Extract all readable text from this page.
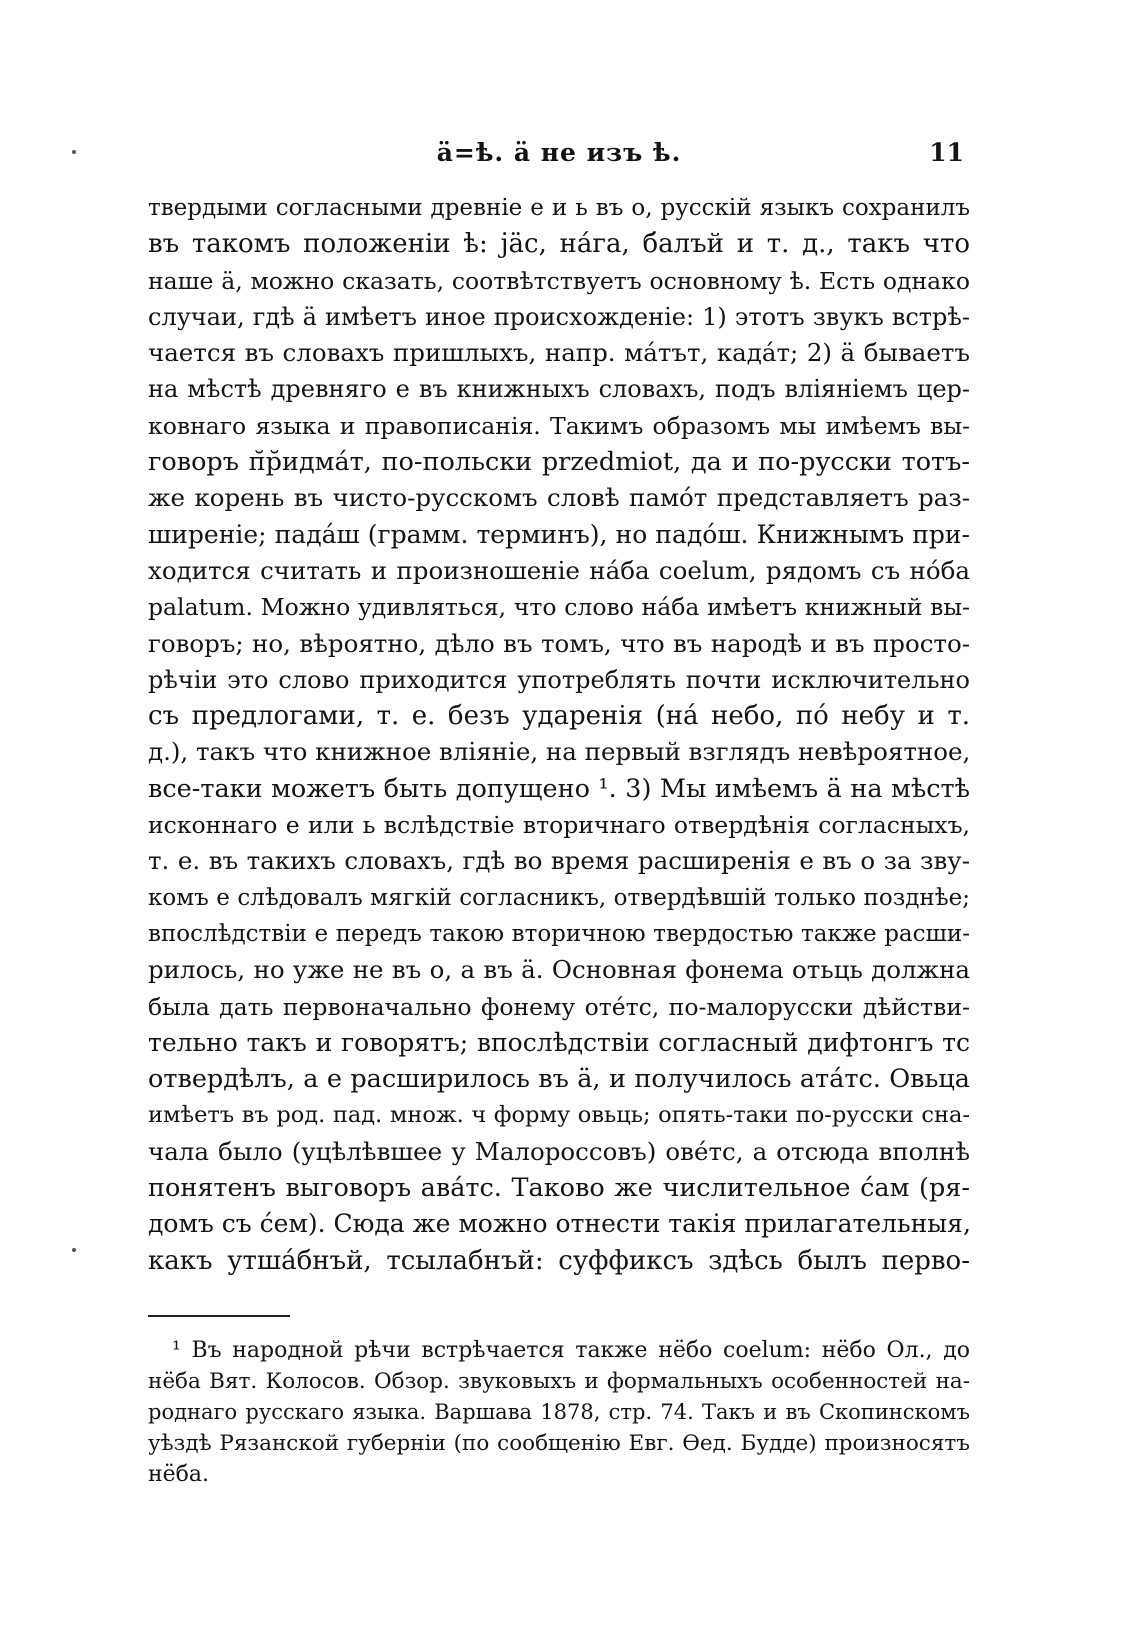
ä=ѣ. ä не изъ ѣ.	11
твердыми согласными древніе е и ь въ о, русскій языкъ сохранилъ
въ такомъ положеніи ѣ: ȷ̇äс, на́га, б́алъй и т. д., такъ что
наше ä, можно сказать, соотвѣтствуетъ основному ѣ. Есть однако
случаи, гдѣ ä имѣетъ иное происхожденіе: 1) этотъ звукъ встрѣ-
чается въ словахъ пришлыхъ, напр. ма́тът, када́т; 2) ä бываетъ
на мѣстѣ древняго е въ книжныхъ словахъ, подъ вліяніемъ цер-
ковнаго языка и правописанія. Такимъ образомъ мы имѣемъ вы-
говоръ п̆р̆идма́т, по-польски przedmiot, да и по-русски тотъ-
же корень въ чисто-русскомъ словѣ памо́т представляетъ раз-
ширеніе; пада́ш (грамм. терминъ), но падо́ш. Книжнымъ при-
ходится считать и произношеніе на́ба coelum, рядомъ съ но́ба
palatum. Можно удивляться, что слово на́ба имѣетъ книжный вы-
говоръ; но, вѣроятно, дѣло въ томъ, что въ народѣ и въ просто-
рѣчіи это слово приходится употреблять почти исключительно
съ предлогами, т. е. безъ ударенія (на́ небо, по́ небу и т.
д.), такъ что книжное вліяніе, на первый взглядъ невѣроятное,
все-таки можетъ быть допущено ¹. 3) Мы имѣемъ ä на мѣстѣ
исконнаго е или ь вслѣдствіе вторичнаго отвердѣнія согласныхъ,
т. е. въ такихъ словахъ, гдѣ во время расширенія е въ о за зву-
комъ е слѣдовалъ мягкій согласникъ, отвердѣвшій только позднѣе;
впослѣдствіи е передъ такою вторичною твердостью также расши-
рилось, но уже не въ о, а въ ä. Основная фонема отьць должна
была дать первоначально фонему оте́тс, по-малорусски дѣйстви-
тельно такъ и говорятъ; впослѣдствіи согласный дифтонгъ тс
отвердѣлъ, а е расширилось въ ä, и получилось ата́тс. Овьца
имѣетъ въ род. пад. множ. ч форму овьць; опять-таки по-русски сна-
чала было (уцѣлѣвшее у Малороссовъ) ове́тс, а отсюда вполнѣ
понятенъ выговоръ ава́тс. Таково же числительное с́ам (ря-
домъ съ с́ем). Сюда же можно отнести такія прилагательныя,
какъ утша́бнъй, тсылабнъй: суффиксъ здѣсь былъ перво-
¹ Въ народной рѣчи встрѣчается также нёбо coelum: нёбо Ол., до
нёба Вят. Колосов. Обзор. звуковыхъ и формальныхъ особенностей на-
роднаго русскаго языка. Варшава 1878, стр. 74. Такъ и въ Скопинскомъ
уѣздѣ Рязанской губерніи (по сообщенію Евг. Ѳед. Будде) произносятъ
нёба.
